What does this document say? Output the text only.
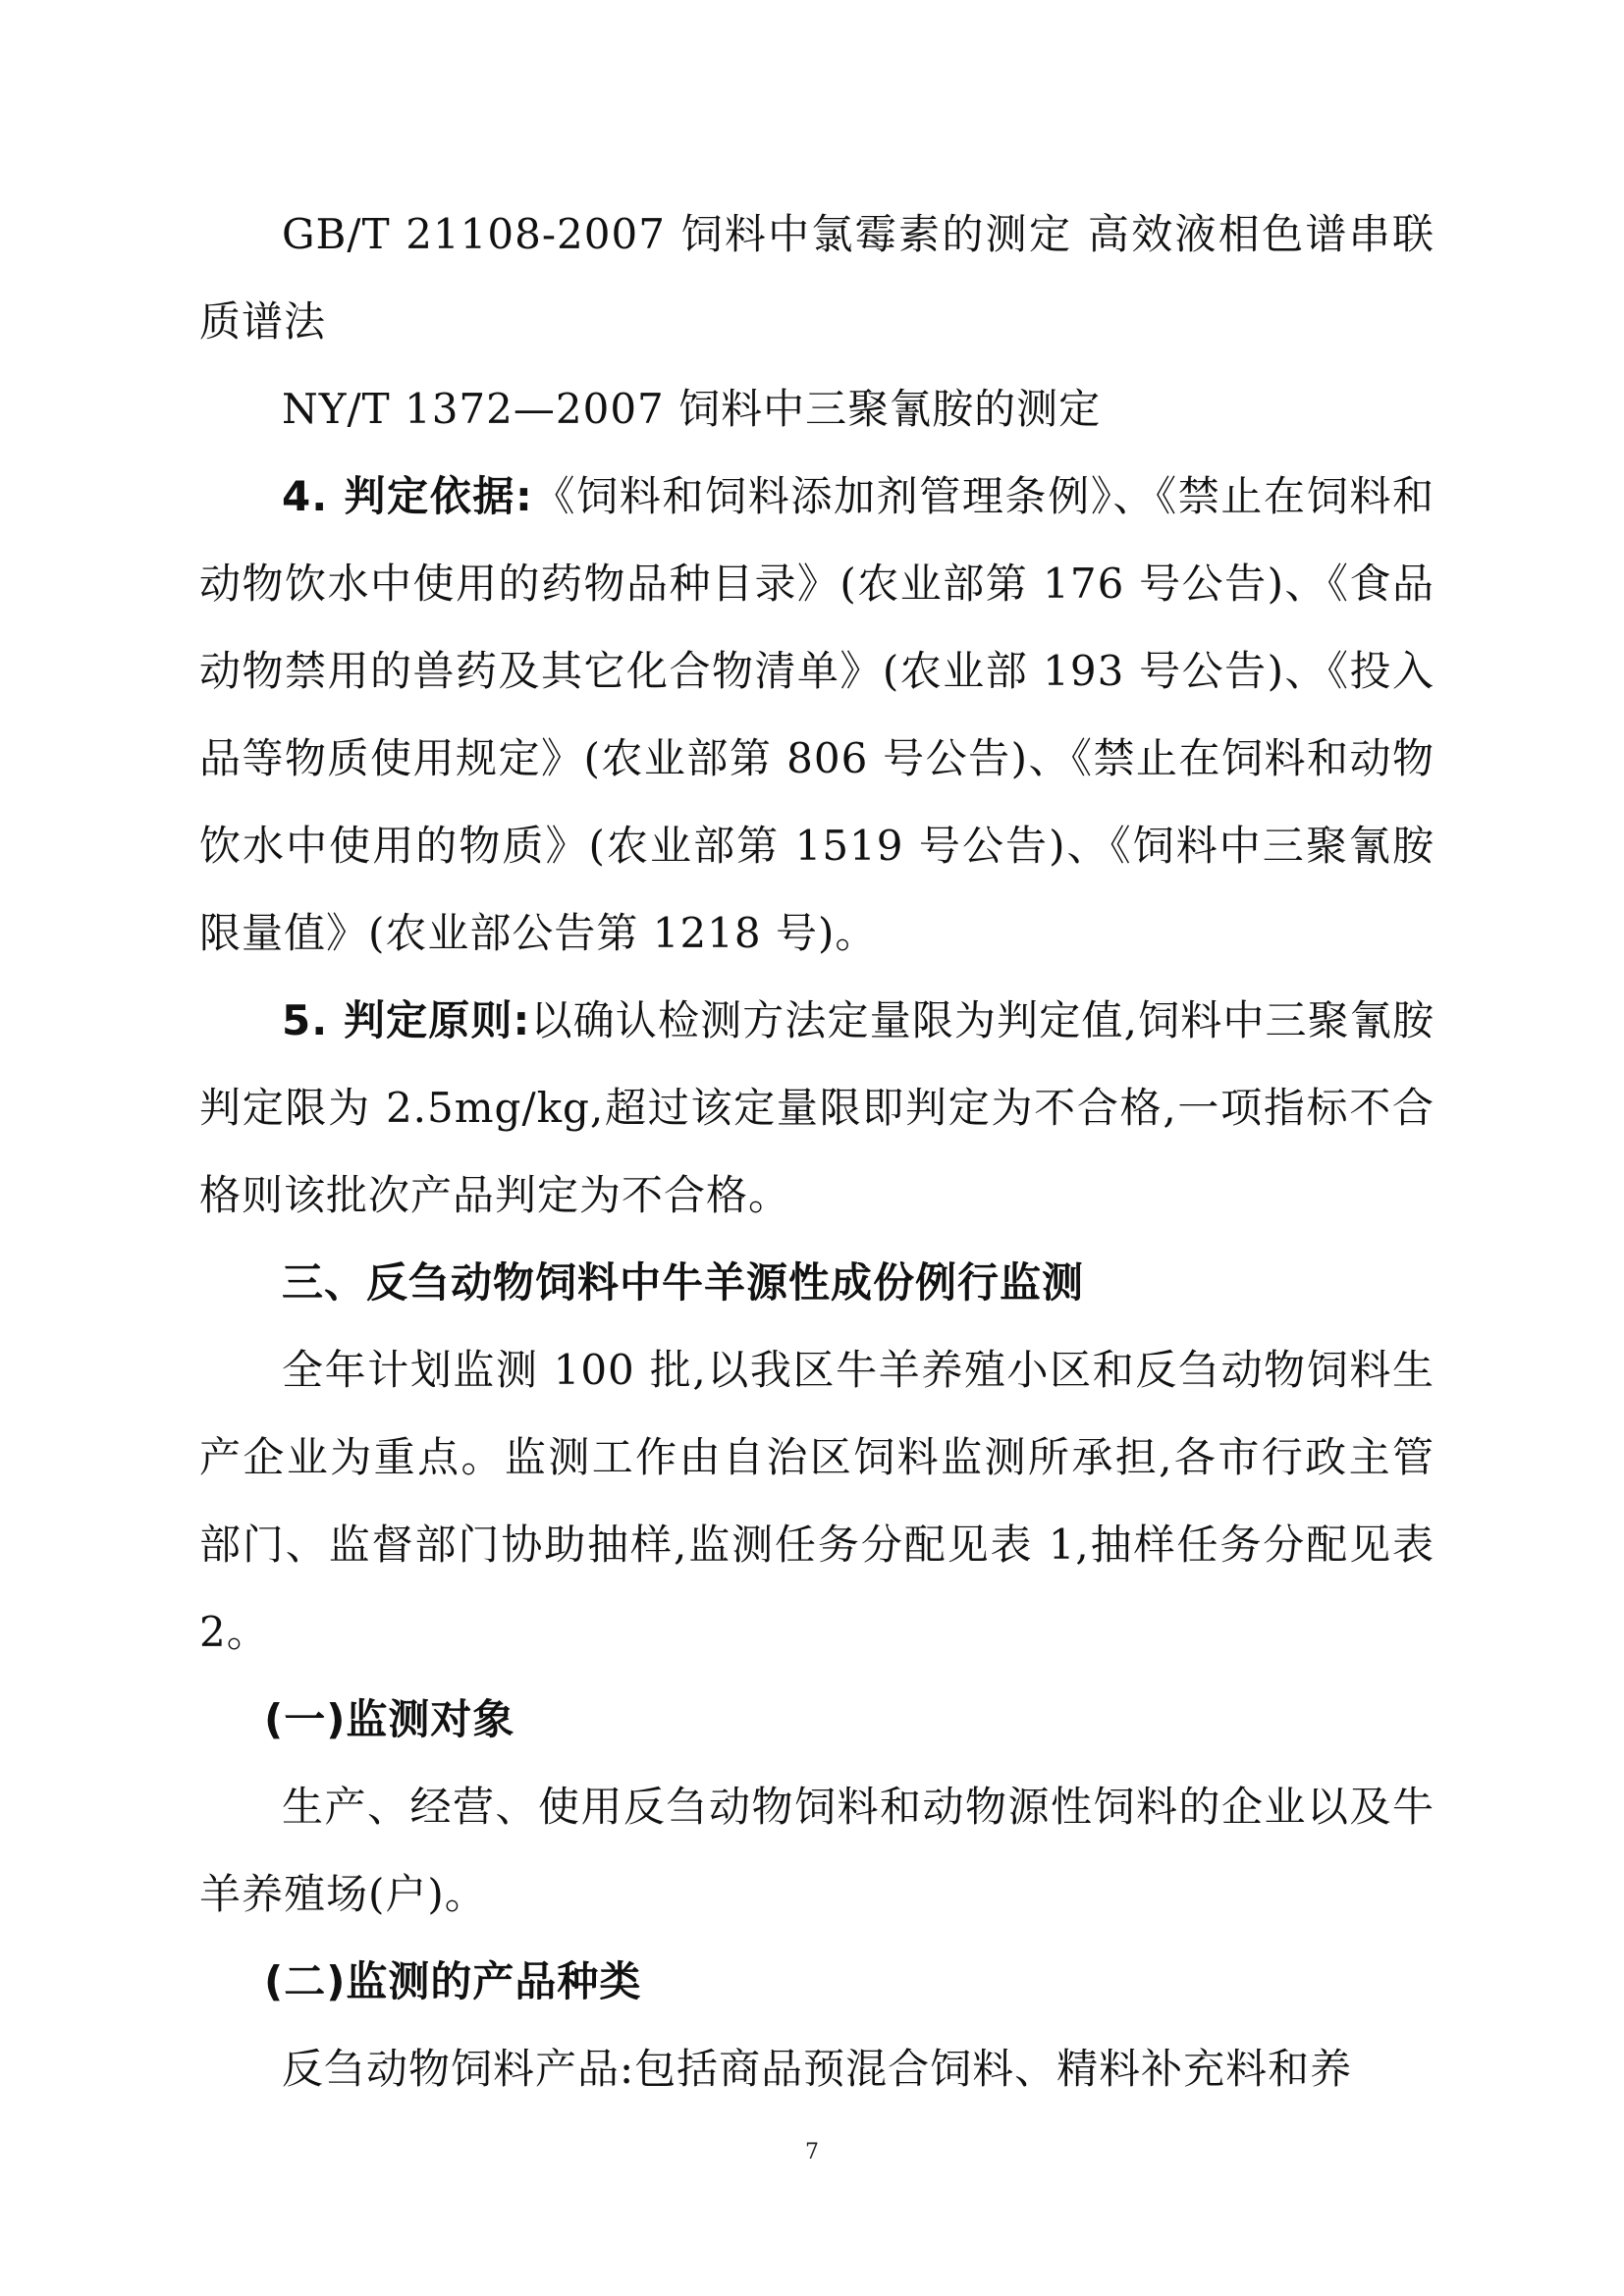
GB/T 21108-2007 饲料中氯霉素的测定 高效液相色谱串联质谱法

NY/T 1372—2007 饲料中三聚氰胺的测定

4. 判定依据:《饲料和饲料添加剂管理条例》、《禁止在饲料和动物饮水中使用的药物品种目录》(农业部第 176 号公告)、《食品动物禁用的兽药及其它化合物清单》(农业部 193 号公告)、《投入品等物质使用规定》(农业部第 806 号公告)、《禁止在饲料和动物饮水中使用的物质》(农业部第 1519 号公告)、《饲料中三聚氰胺限量值》(农业部公告第 1218 号)。

5. 判定原则:以确认检测方法定量限为判定值,饲料中三聚氰胺判定限为 2.5mg/kg,超过该定量限即判定为不合格,一项指标不合格则该批次产品判定为不合格。

三、反刍动物饲料中牛羊源性成份例行监测

全年计划监测 100 批,以我区牛羊养殖小区和反刍动物饲料生产企业为重点。监测工作由自治区饲料监测所承担,各市行政主管部门、监督部门协助抽样,监测任务分配见表 1,抽样任务分配见表 2。

(一)监测对象

生产、经营、使用反刍动物饲料和动物源性饲料的企业以及牛羊养殖场(户)。

(二)监测的产品种类

反刍动物饲料产品:包括商品预混合饲料、精料补充料和养

7
